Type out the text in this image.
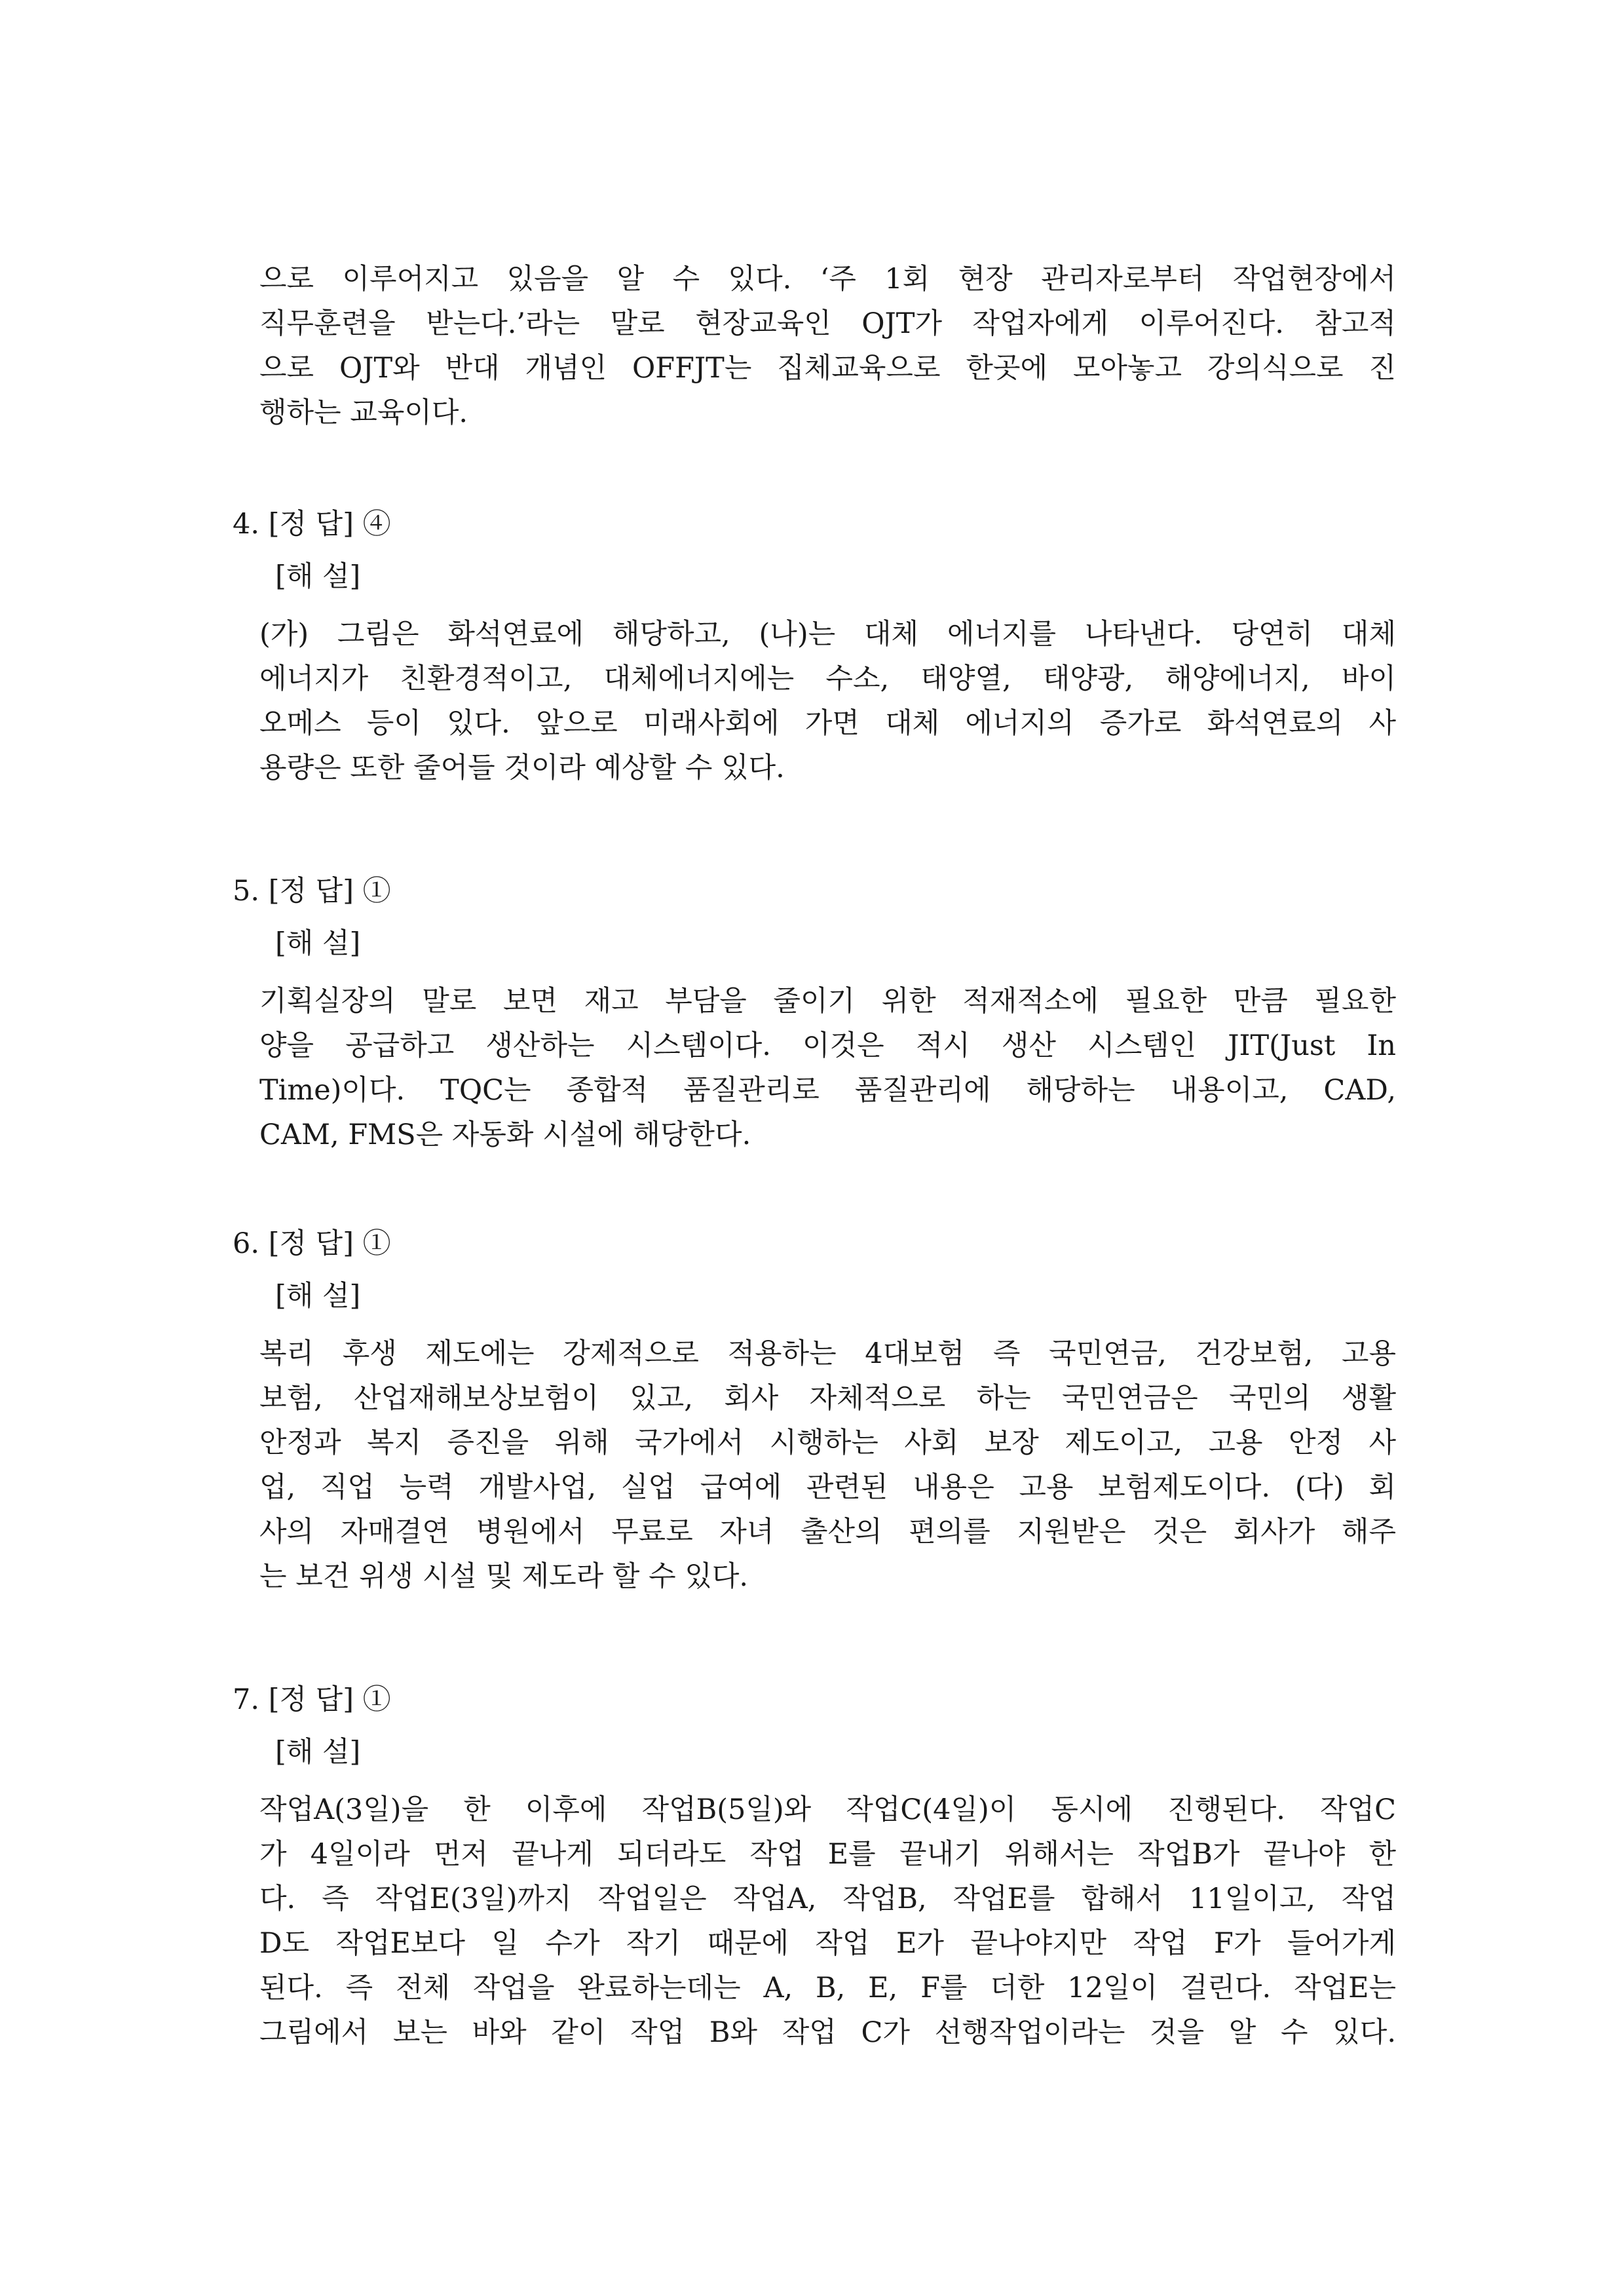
으로 이루어지고 있음을 알 수 있다. ‘주 1회 현장 관리자로부터 작업현장에서
직무훈련을 받는다.’라는 말로 현장교육인 OJT가 작업자에게 이루어진다. 참고적
으로 OJT와 반대 개념인 OFFJT는 집체교육으로 한곳에 모아놓고 강의식으로 진
행하는 교육이다.

4. [정 답] ④
[해 설]

(가) 그림은 화석연료에 해당하고, (나)는 대체 에너지를 나타낸다. 당연히 대체
에너지가 친환경적이고, 대체에너지에는 수소, 태양열, 태양광, 해양에너지, 바이
오메스 등이 있다. 앞으로 미래사회에 가면 대체 에너지의 증가로 화석연료의 사
용량은 또한 줄어들 것이라 예상할 수 있다.

5. [정 답] ①
[해 설]

기획실장의 말로 보면 재고 부담을 줄이기 위한 적재적소에 필요한 만큼 필요한
양을 공급하고 생산하는 시스템이다. 이것은 적시 생산 시스템인 JIT(Just In
Time)이다. TQC는 종합적 품질관리로 품질관리에 해당하는 내용이고, CAD,
CAM, FMS은 자동화 시설에 해당한다.

6. [정 답] ①
[해 설]

복리 후생 제도에는 강제적으로 적용하는 4대보험 즉 국민연금, 건강보험, 고용
보험, 산업재해보상보험이 있고, 회사 자체적으로 하는 국민연금은 국민의 생활
안정과 복지 증진을 위해 국가에서 시행하는 사회 보장 제도이고, 고용 안정 사
업, 직업 능력 개발사업, 실업 급여에 관련된 내용은 고용 보험제도이다. (다) 회
사의 자매결연 병원에서 무료로 자녀 출산의 편의를 지원받은 것은 회사가 해주
는 보건 위생 시설 및 제도라 할 수 있다.

7. [정 답] ①
[해 설]

작업A(3일)을 한 이후에 작업B(5일)와 작업C(4일)이 동시에 진행된다. 작업C
가 4일이라 먼저 끝나게 되더라도 작업 E를 끝내기 위해서는 작업B가 끝나야 한
다. 즉 작업E(3일)까지 작업일은 작업A, 작업B, 작업E를 합해서 11일이고, 작업
D도 작업E보다 일 수가 작기 때문에 작업 E가 끝나야지만 작업 F가 들어가게
된다. 즉 전체 작업을 완료하는데는 A, B, E, F를 더한 12일이 걸린다. 작업E는
그림에서 보는 바와 같이 작업 B와 작업 C가 선행작업이라는 것을 알 수 있다.
